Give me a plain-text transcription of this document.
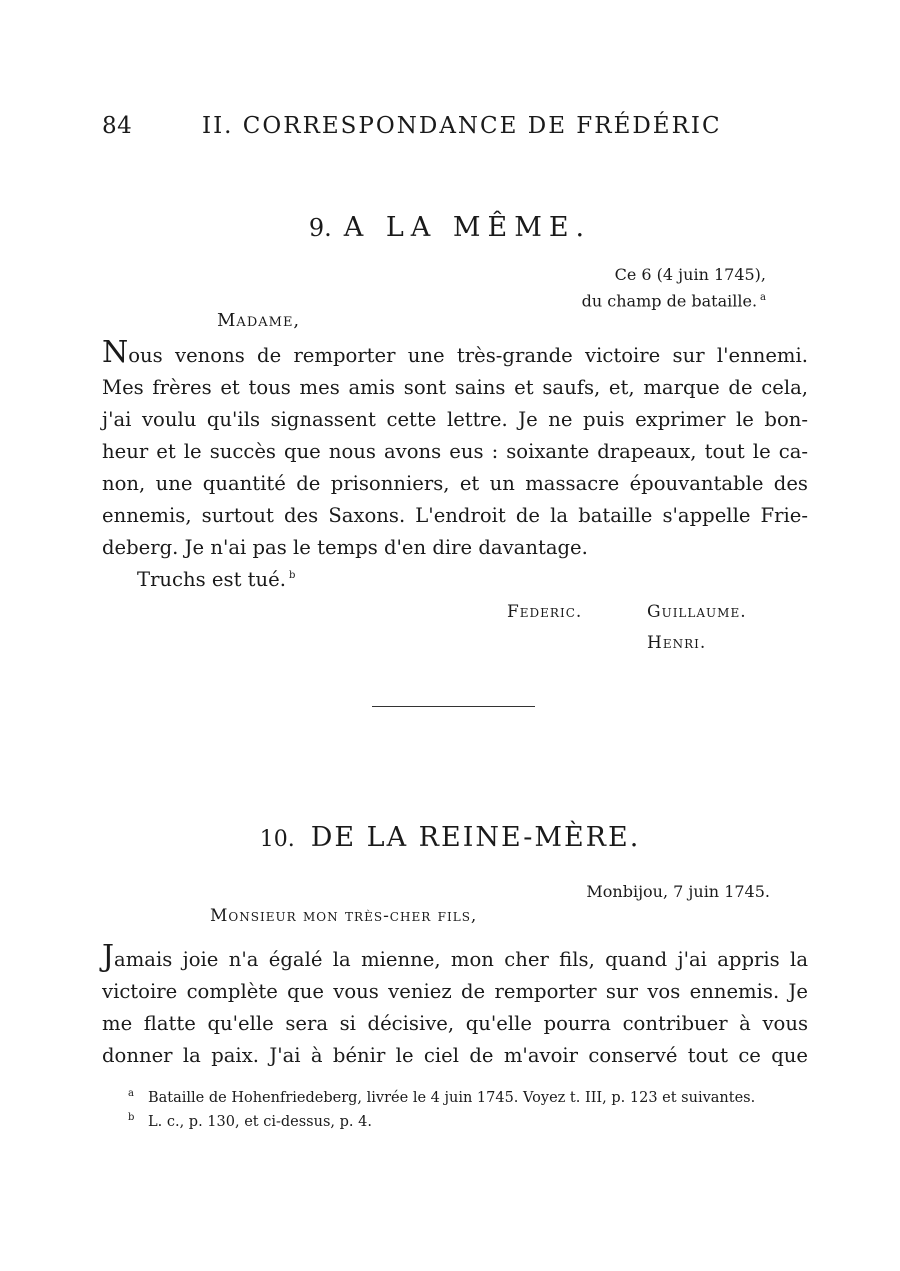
84	II. CORRESPONDANCE DE FRÉDÉRIC
9. A LA MÊME.
Ce 6 (4 juin 1745),
du champ de bataille. $^a$
Madame,
Nous venons de remporter une très-grande victoire sur l'ennemi.
Mes frères et tous mes amis sont sains et saufs, et, marque de cela,
j'ai voulu qu'ils signassent cette lettre. Je ne puis exprimer le bon-
heur et le succès que nous avons eus : soixante drapeaux, tout le ca-
non, une quantité de prisonniers, et un massacre épouvantable des
ennemis, surtout des Saxons. L'endroit de la bataille s'appelle Frie-
deberg. Je n'ai pas le temps d'en dire davantage.
Truchs est tué. $^b$
Federic.	Guillaume.
Henri.
10. DE LA REINE-MÈRE.
Monbijou, 7 juin 1745.
Monsieur mon très-cher fils,
Jamais joie n'a égalé la mienne, mon cher fils, quand j'ai appris la
victoire complète que vous veniez de remporter sur vos ennemis. Je
me flatte qu'elle sera si décisive, qu'elle pourra contribuer à vous
donner la paix. J'ai à bénir le ciel de m'avoir conservé tout ce que
a Bataille de Hohenfriedeberg, livrée le 4 juin 1745. Voyez t. III, p. 123 et suivantes.
b L. c., p. 130, et ci-dessus, p. 4.
